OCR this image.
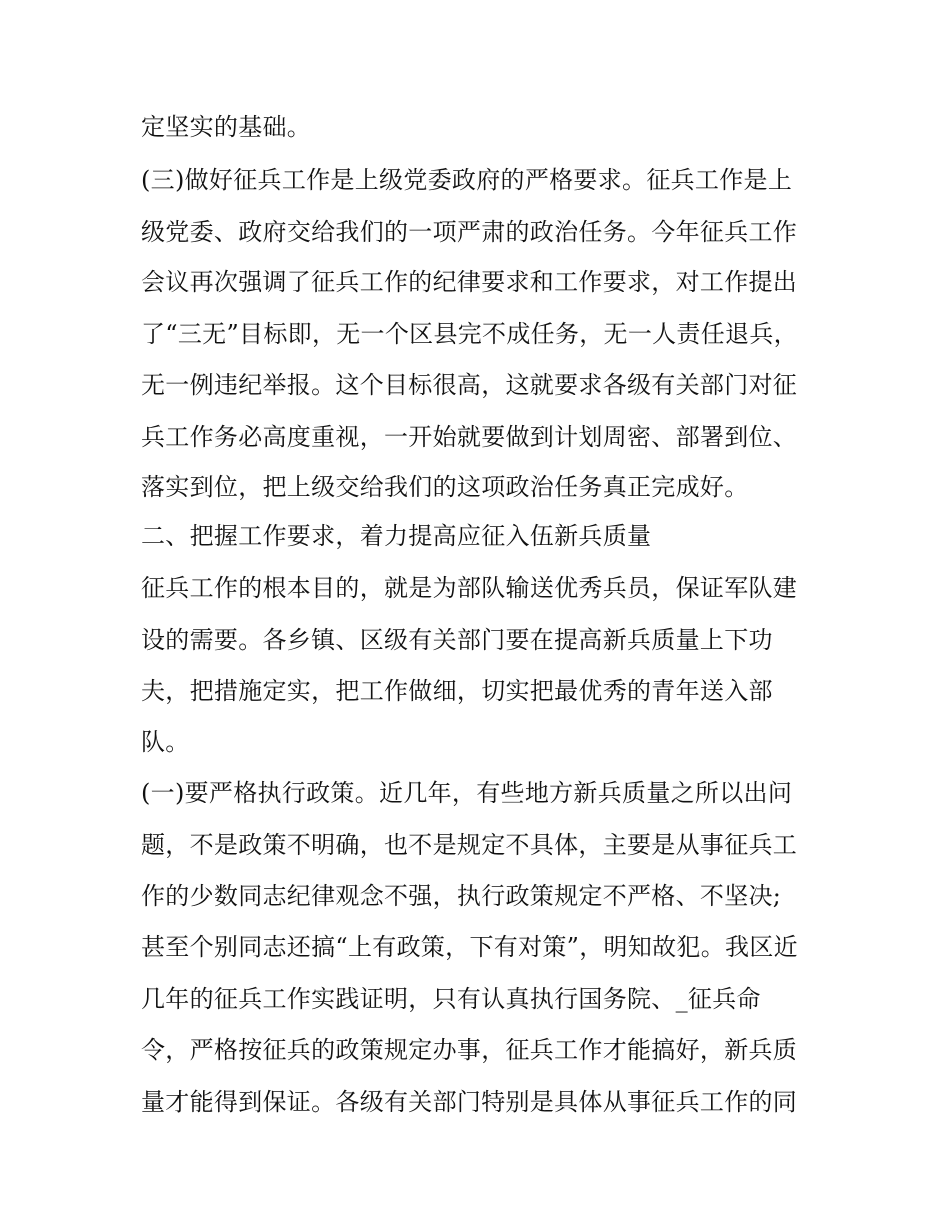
定坚实的基础。
(三)做好征兵工作是上级党委政府的严格要求。征兵工作是上
级党委、政府交给我们的一项严肃的政治任务。今年征兵工作
会议再次强调了征兵工作的纪律要求和工作要求，对工作提出
了“三无”目标即，无一个区县完不成任务，无一人责任退兵，
无一例违纪举报。这个目标很高，这就要求各级有关部门对征
兵工作务必高度重视，一开始就要做到计划周密、部署到位、
落实到位，把上级交给我们的这项政治任务真正完成好。
二、把握工作要求，着力提高应征入伍新兵质量
征兵工作的根本目的，就是为部队输送优秀兵员，保证军队建
设的需要。各乡镇、区级有关部门要在提高新兵质量上下功
夫，把措施定实，把工作做细，切实把最优秀的青年送入部
队。
(一)要严格执行政策。近几年，有些地方新兵质量之所以出问
题，不是政策不明确，也不是规定不具体，主要是从事征兵工
作的少数同志纪律观念不强，执行政策规定不严格、不坚决;
甚至个别同志还搞“上有政策，下有对策”，明知故犯。我区近
几年的征兵工作实践证明，只有认真执行国务院、_征兵命
令，严格按征兵的政策规定办事，征兵工作才能搞好，新兵质
量才能得到保证。各级有关部门特别是具体从事征兵工作的同
